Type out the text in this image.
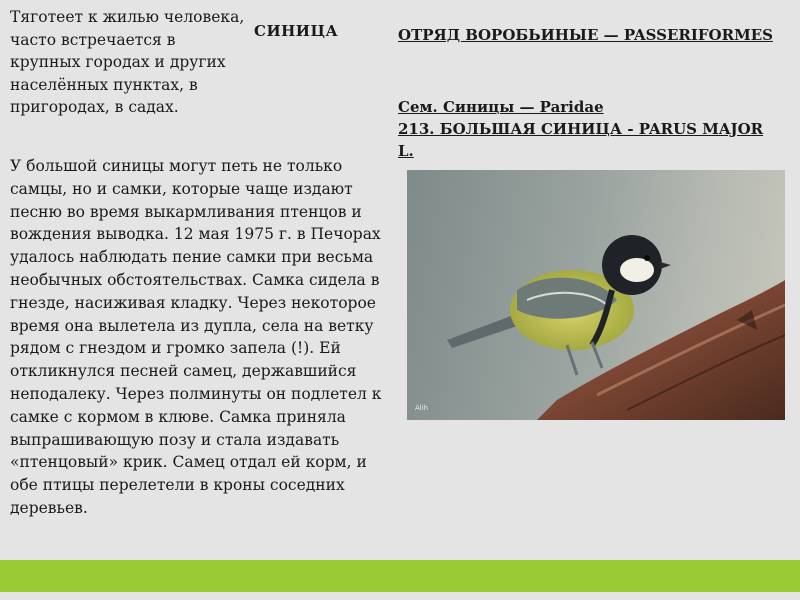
Тяготеет к жилью человека, часто встречается в крупных городах и других населённых пунктах, в пригородах, в садах.

СИНИЦА	ОТРЯД ВОРОБЬИНЫЕ — PASSERIFORMES

Сем. Синицы — Paridae
213. БОЛЬШАЯ СИНИЦА - PARUS MAJOR L.

У большой синицы могут петь не только самцы, но и самки, которые чаще издают песню во время выкармливания птенцов и вождения выводка. 12 мая 1975 г. в Печорах удалось наблюдать пение самки при весьма необычных обстоятельствах. Самка сидела в гнезде, насиживая кладку. Через некоторое время она вылетела из дупла, села на ветку рядом с гнездом и громко запела (!). Ей откликнулся песней самец, державшийся неподалеку. Через полминуты он подлетел к самке с кормом в клюве. Самка приняла выпрашивающую позу и стала издавать «птенцовый» крик. Самец отдал ей корм, и обе птицы перелетели в кроны соседних деревьев.

Alih
